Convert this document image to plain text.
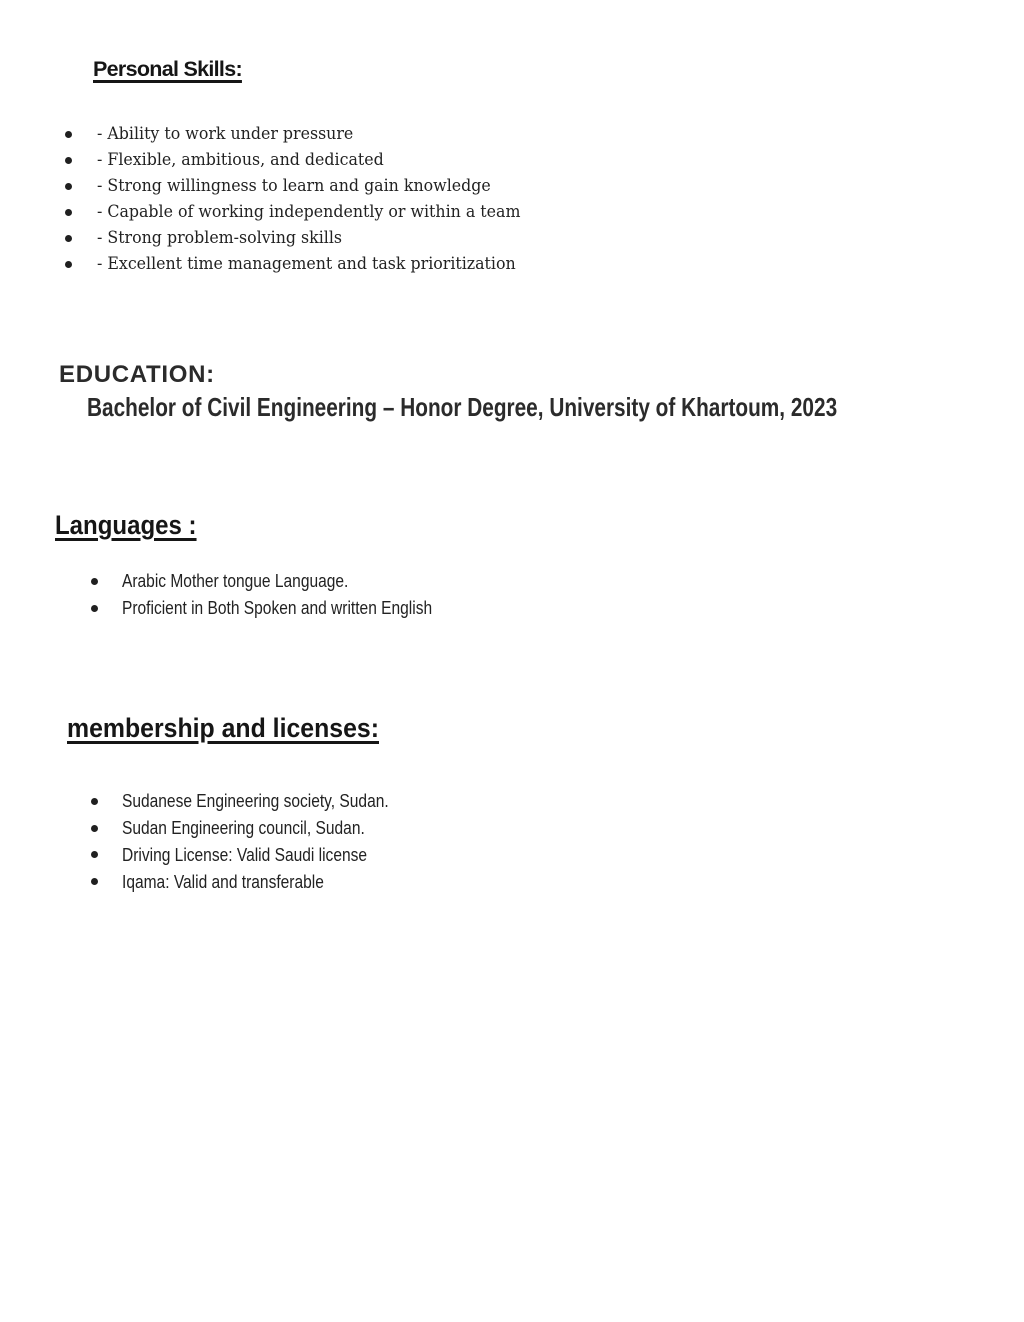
Personal Skills:
- Ability to work under pressure
- Flexible, ambitious, and dedicated
- Strong willingness to learn and gain knowledge
- Capable of working independently or within a team
- Strong problem-solving skills
- Excellent time management and task prioritization
EDUCATION:
Bachelor of Civil Engineering – Honor Degree, University of Khartoum, 2023
Languages :
Arabic Mother tongue Language.
Proficient in Both Spoken and written English
membership and licenses:
Sudanese Engineering society, Sudan.
Sudan Engineering council, Sudan.
Driving License: Valid Saudi license
Iqama: Valid and transferable
